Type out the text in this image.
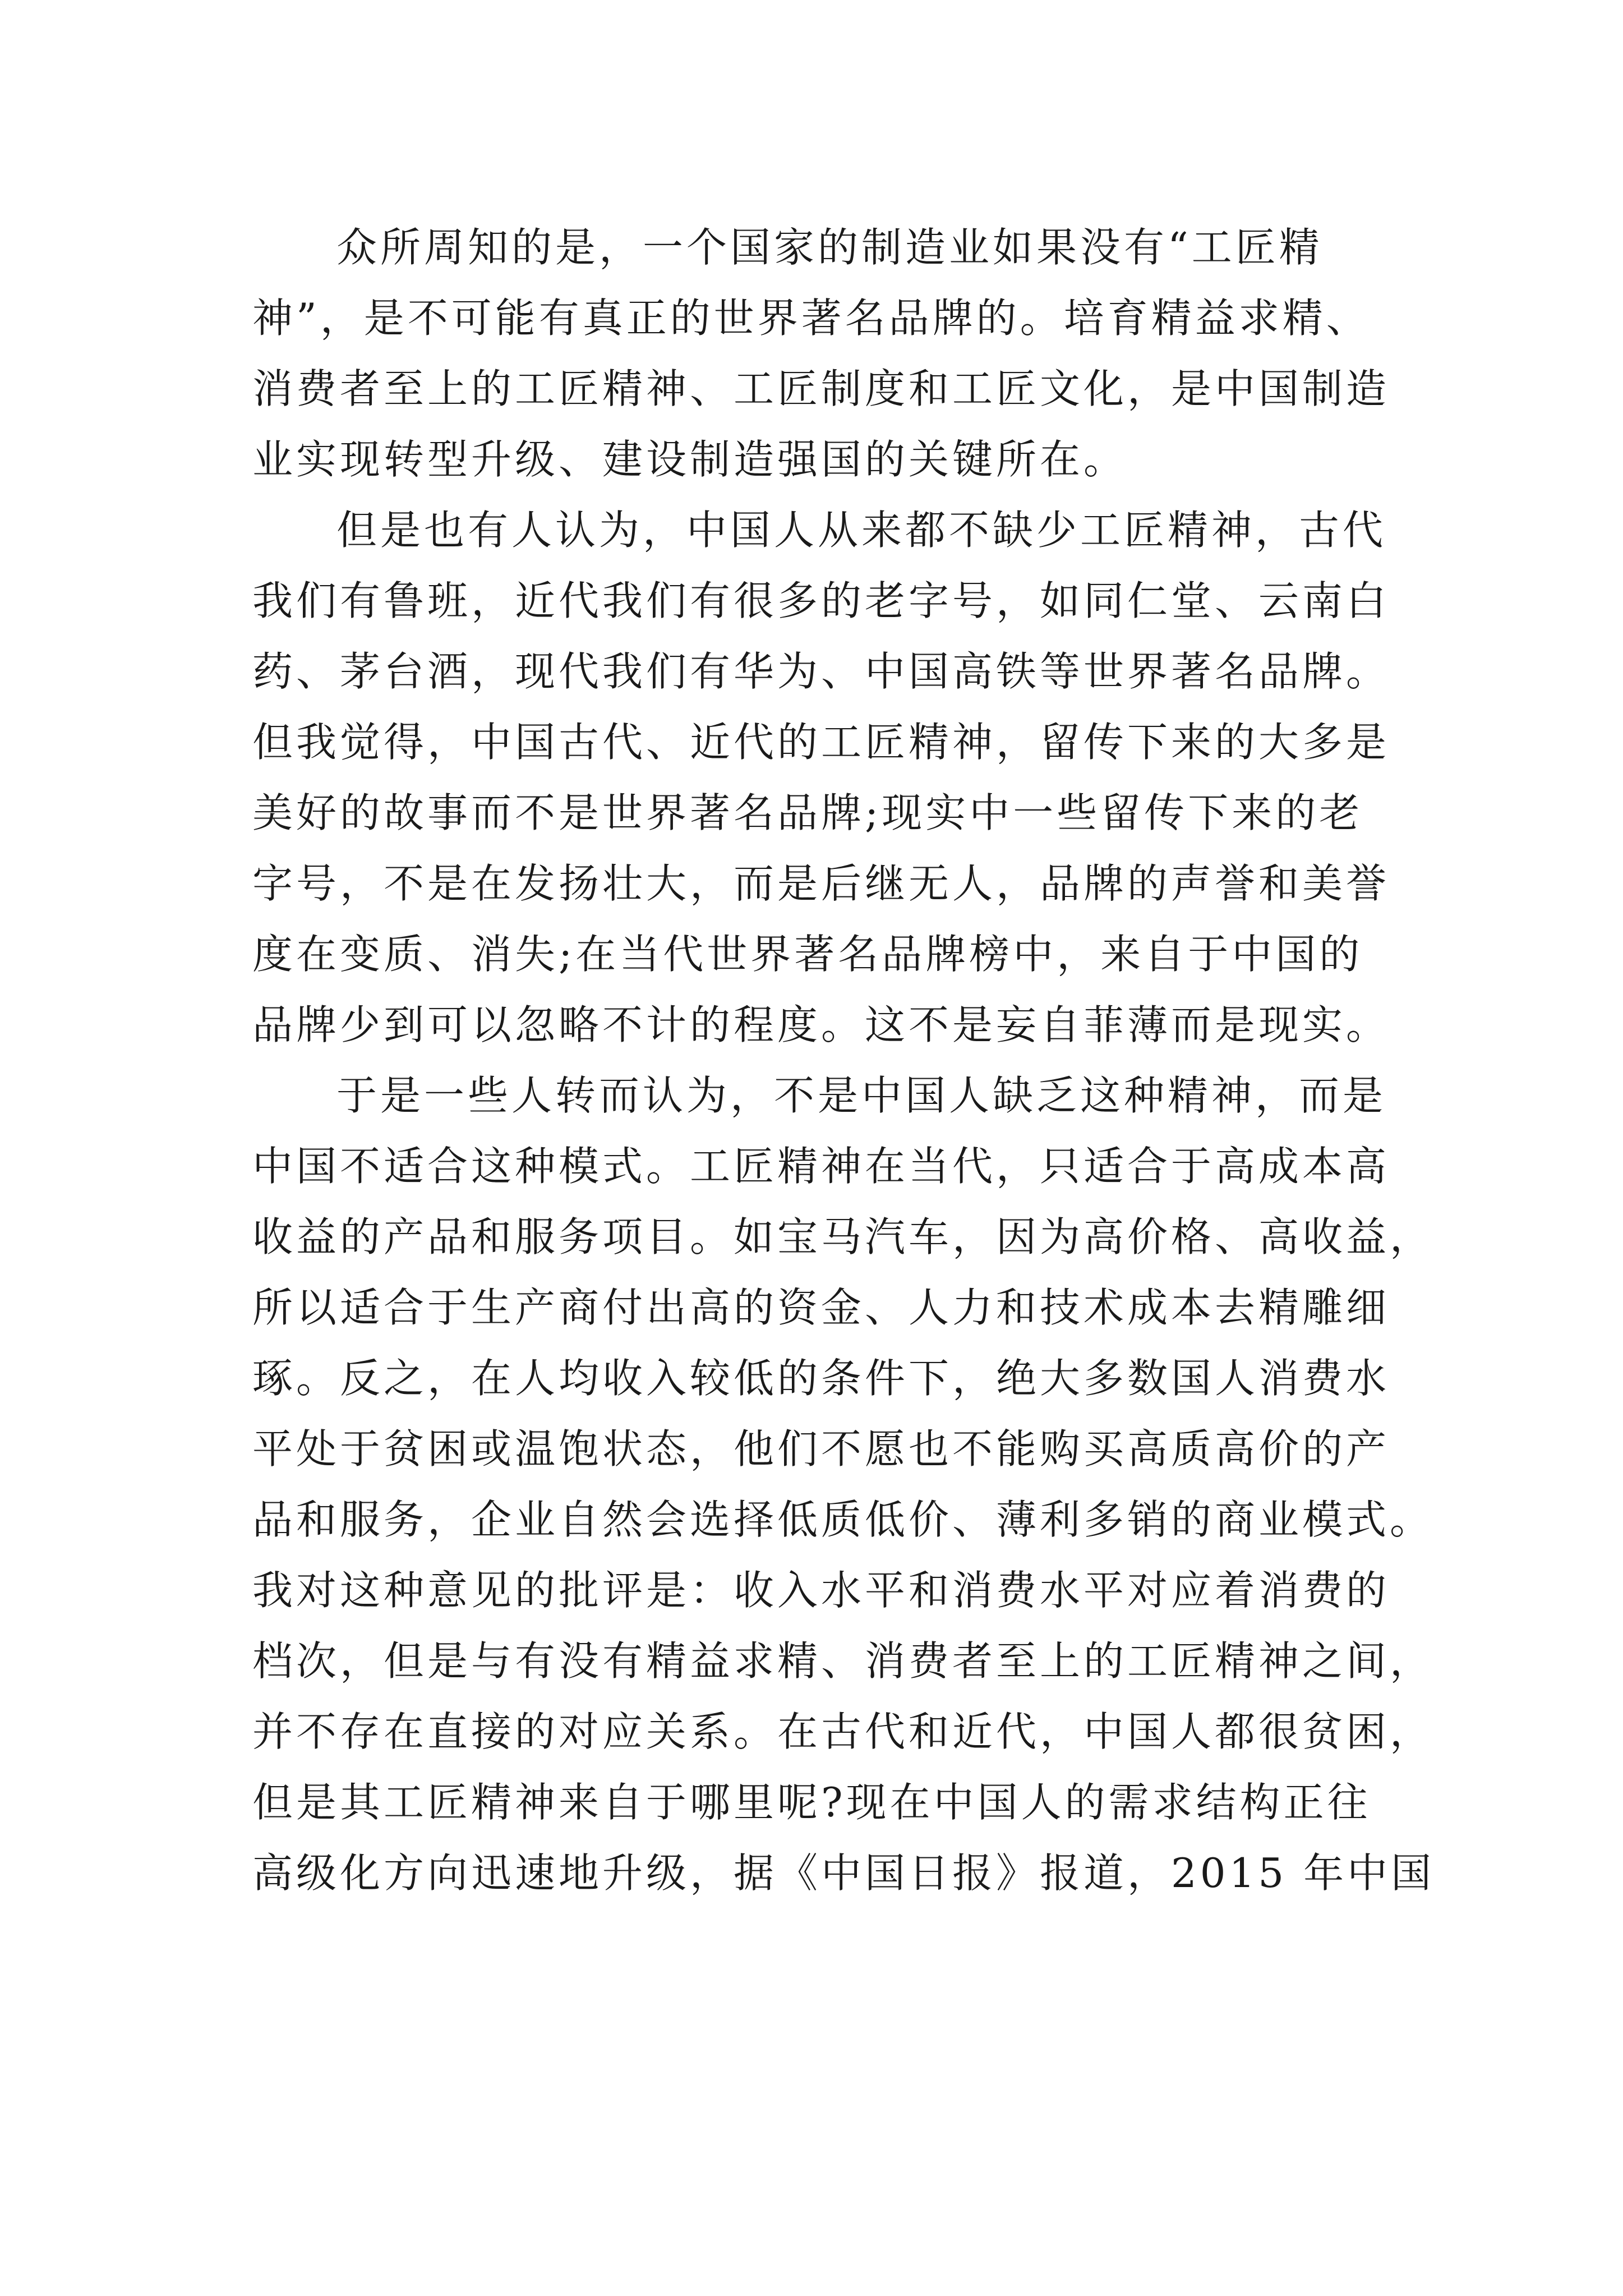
众所周知的是，一个国家的制造业如果没有“工匠精
神”，是不可能有真正的世界著名品牌的。培育精益求精、
消费者至上的工匠精神、工匠制度和工匠文化，是中国制造
业实现转型升级、建设制造强国的关键所在。
但是也有人认为，中国人从来都不缺少工匠精神，古代
我们有鲁班，近代我们有很多的老字号，如同仁堂、云南白
药、茅台酒，现代我们有华为、中国高铁等世界著名品牌。
但我觉得，中国古代、近代的工匠精神，留传下来的大多是
美好的故事而不是世界著名品牌;现实中一些留传下来的老
字号，不是在发扬壮大，而是后继无人，品牌的声誉和美誉
度在变质、消失;在当代世界著名品牌榜中，来自于中国的
品牌少到可以忽略不计的程度。这不是妄自菲薄而是现实。
于是一些人转而认为，不是中国人缺乏这种精神，而是
中国不适合这种模式。工匠精神在当代，只适合于高成本高
收益的产品和服务项目。如宝马汽车，因为高价格、高收益，
所以适合于生产商付出高的资金、人力和技术成本去精雕细
琢。反之，在人均收入较低的条件下，绝大多数国人消费水
平处于贫困或温饱状态，他们不愿也不能购买高质高价的产
品和服务，企业自然会选择低质低价、薄利多销的商业模式。
我对这种意见的批评是：收入水平和消费水平对应着消费的
档次，但是与有没有精益求精、消费者至上的工匠精神之间，
并不存在直接的对应关系。在古代和近代，中国人都很贫困，
但是其工匠精神来自于哪里呢?现在中国人的需求结构正往
高级化方向迅速地升级，据《中国日报》报道，2015 年中国
